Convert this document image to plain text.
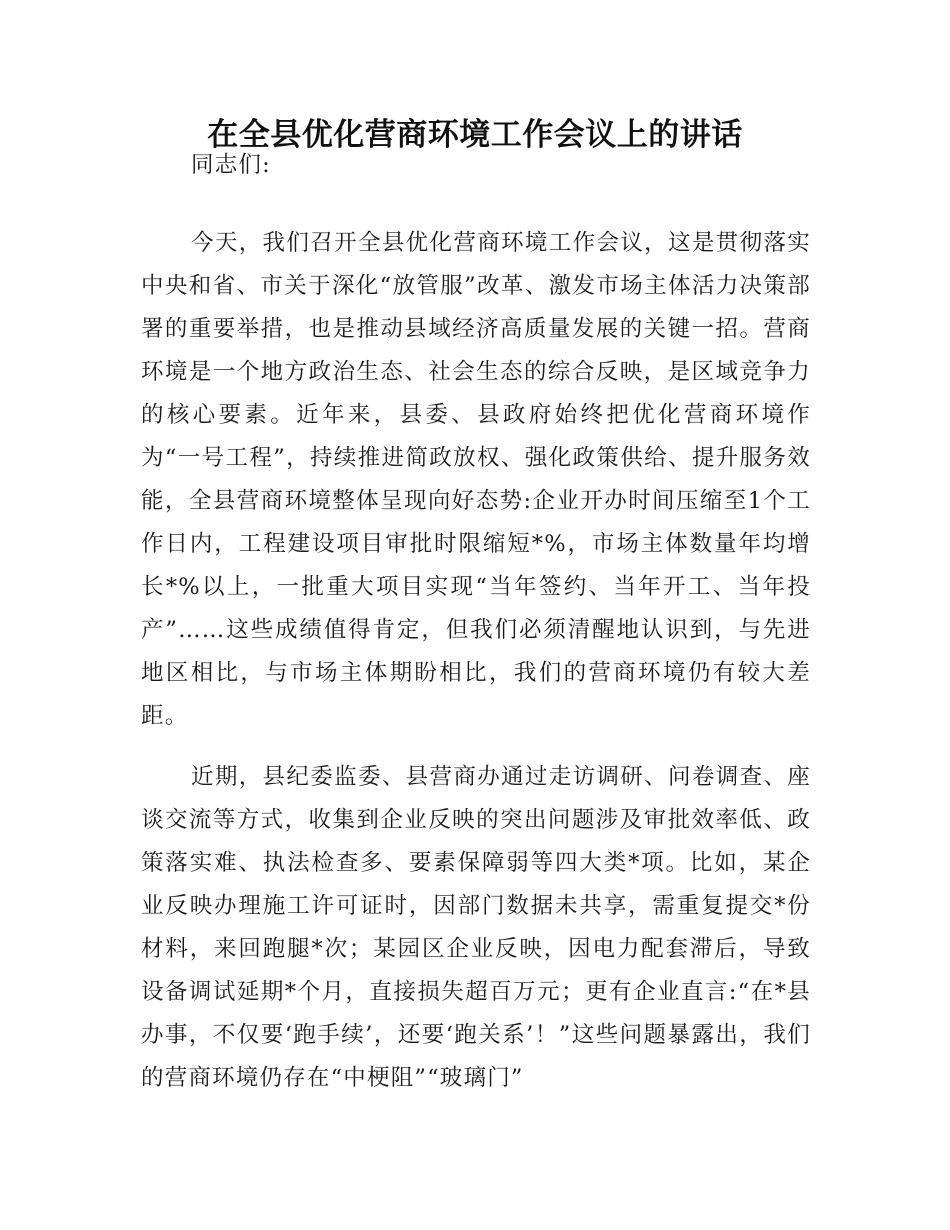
在全县优化营商环境工作会议上的讲话

同志们:

今天，我们召开全县优化营商环境工作会议，这是贯彻落实中央和省、市关于深化“放管服”改革、激发市场主体活力决策部署的重要举措，也是推动县域经济高质量发展的关键一招。营商环境是一个地方政治生态、社会生态的综合反映，是区域竞争力的核心要素。近年来，县委、县政府始终把优化营商环境作为“一号工程”，持续推进简政放权、强化政策供给、提升服务效能，全县营商环境整体呈现向好态势:企业开办时间压缩至1个工作日内，工程建设项目审批时限缩短*%，市场主体数量年均增长*%以上，一批重大项目实现“当年签约、当年开工、当年投产”……这些成绩值得肯定，但我们必须清醒地认识到，与先进地区相比，与市场主体期盼相比，我们的营商环境仍有较大差距。

近期，县纪委监委、县营商办通过走访调研、问卷调查、座谈交流等方式，收集到企业反映的突出问题涉及审批效率低、政策落实难、执法检查多、要素保障弱等四大类*项。比如，某企业反映办理施工许可证时，因部门数据未共享，需重复提交*份材料，来回跑腿*次；某园区企业反映，因电力配套滞后，导致设备调试延期*个月，直接损失超百万元；更有企业直言:“在*县办事，不仅要‘跑手续’，还要‘跑关系’！”这些问题暴露出，我们的营商环境仍存在“中梗阻”“玻璃门”
